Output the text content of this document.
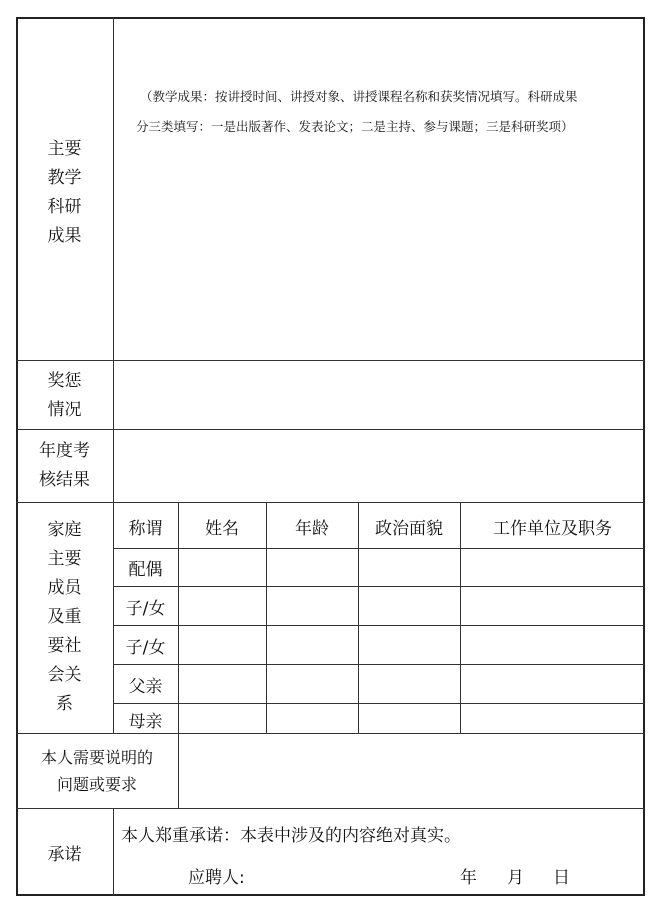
主要
教学
科研
成果
（教学成果：按讲授时间、讲授对象、讲授课程名称和获奖情况填写。科研成果
分三类填写：一是出版著作、发表论文；二是主持、参与课题；三是科研奖项）
奖惩
情况
年度考
核结果
家庭
主要
成员
及重
要社
会关
系
称谓	姓名	年龄	政治面貌	工作单位及职务
配偶
子/女
子/女
父亲
母亲
本人需要说明的
问题或要求
承诺
本人郑重承诺：本表中涉及的内容绝对真实。
应聘人:	年 月 日
